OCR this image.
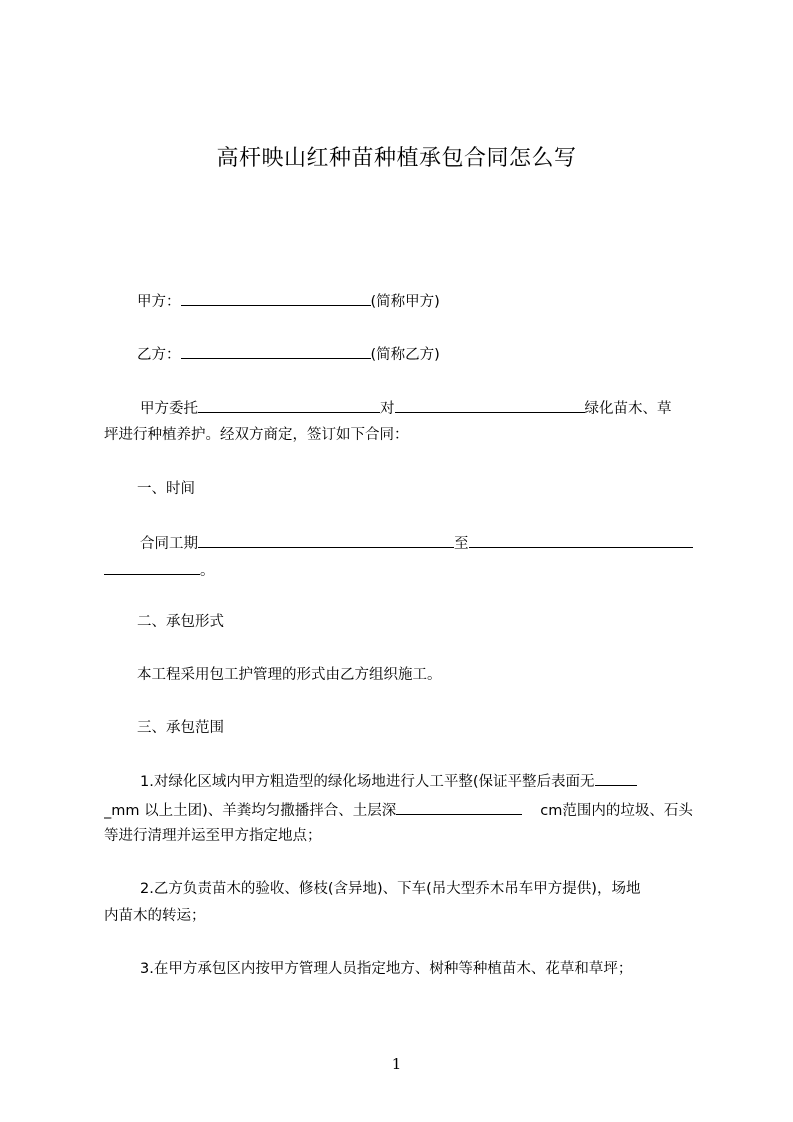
高杆映山红种苗种植承包合同怎么写
甲方：	(简称甲方)
乙方：	(简称乙方)
甲方委托	对	绿化苗木、草
坪进行种植养护。经双方商定，签订如下合同：
一、时间
合同工期	至
。
二、承包形式
本工程采用包工护管理的形式由乙方组织施工。
三、承包范围
1.对绿化区域内甲方粗造型的绿化场地进行人工平整(保证平整后表面无
_mm 以上土团)、羊粪均匀撒播拌合、土层深	cm范围内的垃圾、石头
等进行清理并运至甲方指定地点；
2.乙方负责苗木的验收、修枝(含异地)、下车(吊大型乔木吊车甲方提供)，场地
内苗木的转运；
3.在甲方承包区内按甲方管理人员指定地方、树种等种植苗木、花草和草坪；
1
